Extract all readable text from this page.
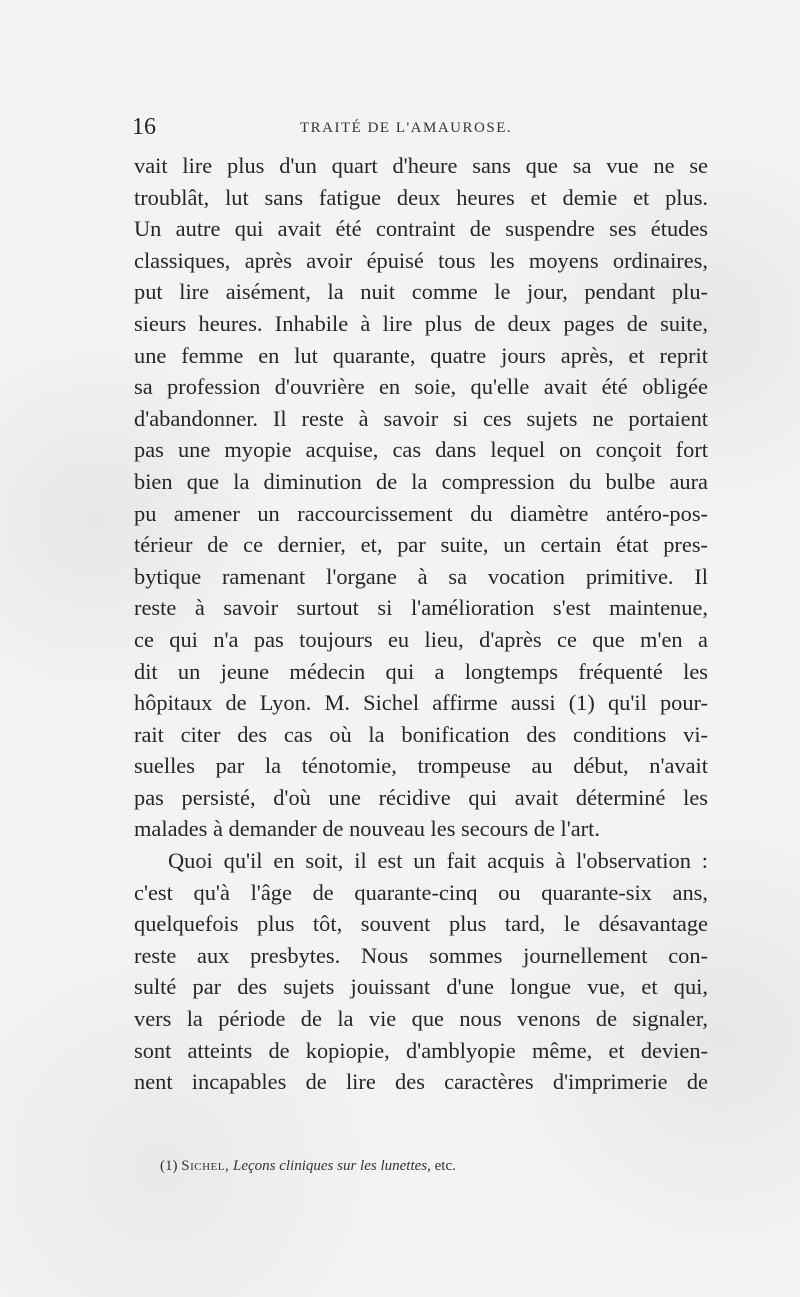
16	TRAITÉ DE L'AMAUROSE.
vait lire plus d'un quart d'heure sans que sa vue ne se
troublât, lut sans fatigue deux heures et demie et plus.
Un autre qui avait été contraint de suspendre ses études
classiques, après avoir épuisé tous les moyens ordinaires,
put lire aisément, la nuit comme le jour, pendant plu-
sieurs heures. Inhabile à lire plus de deux pages de suite,
une femme en lut quarante, quatre jours après, et reprit
sa profession d'ouvrière en soie, qu'elle avait été obligée
d'abandonner. Il reste à savoir si ces sujets ne portaient
pas une myopie acquise, cas dans lequel on conçoit fort
bien que la diminution de la compression du bulbe aura
pu amener un raccourcissement du diamètre antéro-pos-
térieur de ce dernier, et, par suite, un certain état pres-
bytique ramenant l'organe à sa vocation primitive. Il
reste à savoir surtout si l'amélioration s'est maintenue,
ce qui n'a pas toujours eu lieu, d'après ce que m'en a
dit un jeune médecin qui a longtemps fréquenté les
hôpitaux de Lyon. M. Sichel affirme aussi (1) qu'il pour-
rait citer des cas où la bonification des conditions vi-
suelles par la ténotomie, trompeuse au début, n'avait
pas persisté, d'où une récidive qui avait déterminé les
malades à demander de nouveau les secours de l'art.
Quoi qu'il en soit, il est un fait acquis à l'observation :
c'est qu'à l'âge de quarante-cinq ou quarante-six ans,
quelquefois plus tôt, souvent plus tard, le désavantage
reste aux presbytes. Nous sommes journellement con-
sulté par des sujets jouissant d'une longue vue, et qui,
vers la période de la vie que nous venons de signaler,
sont atteints de kopiopie, d'amblyopie même, et devien-
nent incapables de lire des caractères d'imprimerie de
(1) Sichel, Leçons cliniques sur les lunettes, etc.
